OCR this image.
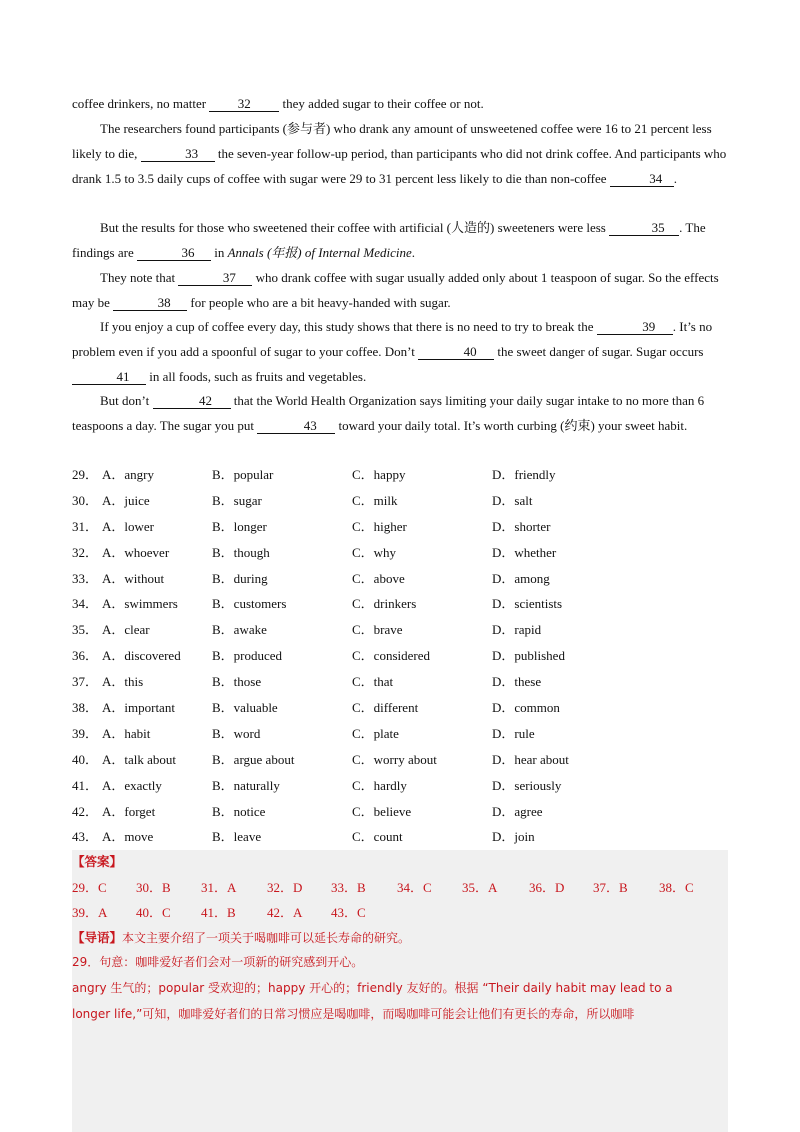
coffee drinkers, no matter 32 they added sugar to their coffee or not.
The researchers found participants (参与者) who drank any amount of unsweetened coffee were 16 to 21 percent less likely to die,	33 the seven-year follow-up period, than participants who did not drink coffee. And participants who drank 1.5 to 3.5 daily cups of coffee with sugar were 29 to 31 percent less likely to die than non-coffee	34 .
But the results for those who sweetened their coffee with artificial (人造的) sweeteners were less	35 . The findings are	36 in Annals (年报) of Internal Medicine.
They note that	37 who drank coffee with sugar usually added only about 1 teaspoon of sugar. So the effects may be	38 for people who are a bit heavy-handed with sugar.
If you enjoy a cup of coffee every day, this study shows that there is no need to try to break the	39 . It’s no problem even if you add a spoonful of sugar to your coffee. Don’t	40 the sweet danger of sugar. Sugar occurs 41 in all foods, such as fruits and vegetables.
But don’t	42 that the World Health Organization says limiting your daily sugar intake to no more than 6 teaspoons a day. The sugar you put	43 toward your daily total. It’s worth curbing (约束) your sweet habit.
29． A．angry	B．popular	C．happy	D．friendly
30． A．juice	B．sugar	C．milk	D．salt
31． A．lower	B．longer	C．higher	D．shorter
32． A．whoever	B．though	C．why	D．whether
33． A．without	B．during	C．above	D．among
34． A．swimmers	B．customers	C．drinkers	D．scientists
35． A．clear	B．awake	C．brave	D．rapid
36． A．discovered B．produced	C．considered	D．published
37． A．this	B．those	C．that	D．these
38． A．important	B．valuable	C．different	D．common
39． A．habit	B．word	C．plate	D．rule
40． A．talk about	B．argue about	C．worry about	D．hear about
41． A．exactly	B．naturally	C．hardly	D．seriously
42． A．forget	B．notice	C．believe	D．agree
43． A．move	B．leave	C．count	D．join
【答案】
29．C 30．B 31．A 32．D 33．B 34．C 35．A 36．D 37．B 38．C
39．A 40．C 41．B 42．A 43．C
【导语】本文主要介绍了一项关于喝咖啡可以延长寿命的研究。
29．句意：咖啡爱好者们会对一项新的研究感到开心。
angry 生气的；popular 受欢迎的；happy 开心的；friendly 友好的。根据 “Their daily habit may lead to a
longer life,”可知，咖啡爱好者们的日常习惯应是喝咖啡，而喝咖啡可能会让他们有更长的寿命，所以咖啡
